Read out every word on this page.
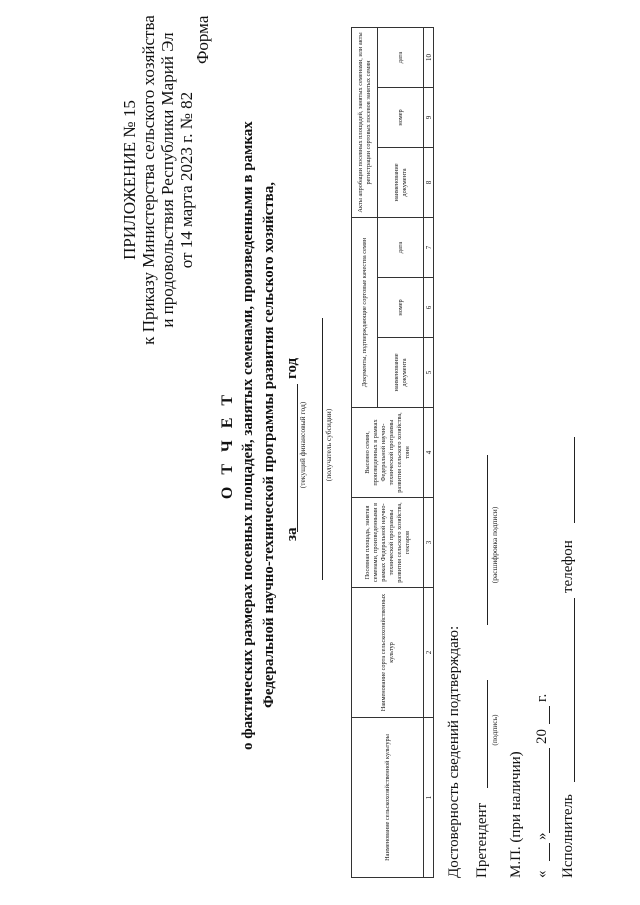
ПРИЛОЖЕНИЕ № 15 к Приказу Министерства сельского хозяйства и продовольствия Республики Марий Эл от 14 марта 2023 г. № 82
Форма
О Т Ч Е Т о фактических размерах посевных площадей, занятых семенами, произведенными в рамках Федеральной научно-технической программы развития сельского хозяйства, за
год
(текущий финансовый год) (получатель субсидии)
Наименование сельскохозяйственной культуры	Наименование сорта сельскохозяйственных культур	Посевная площадь, занятая семенами, произведенными в рамках Федеральной научно-технической программы развития сельского хозяйства, гектаров	Высеяно семян, произведенных в рамках Федеральной научно-технической программы развития сельского хозяйства, тонн	Документы, подтверждающие сортовые качества семян			Акты апробации посевных площадей, занятых семенами, или акты регистрации сортовых посевов занятых семян		
				наименование документа	номер	дата	наименование документа	номер	дата
1	2	3	4	5	6	7	8	9	10
Достоверность сведений подтверждаю: Претендент
(подпись)
(расшифровка подписи)
М.П. (при наличии) «
»
20
г.
Исполнитель
телефон
